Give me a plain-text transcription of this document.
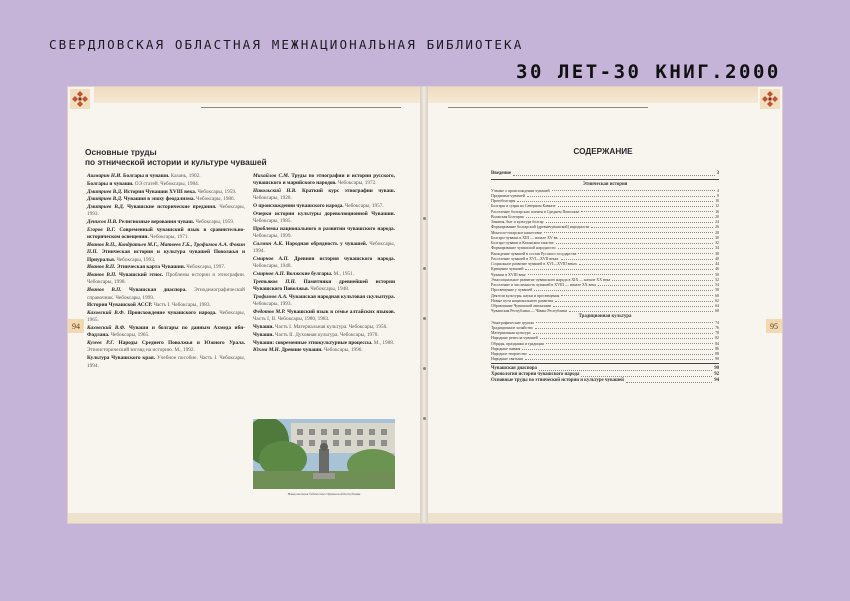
СВЕРДЛОВСКАЯ ОБЛАСТНАЯ МЕЖНАЦИОНАЛЬНАЯ БИБЛИОТЕКА
30 ЛЕТ-30 КНИГ.2000
94
Основные труды
по этнической истории и культуре чувашей

Ашмарин Н.И. Болгары и чуваши. Казань, 1902.

Болгары и чуваши. ОЭ статей. Чебоксары, 1984.

Дмитриев В.Д. История Чувашии XVIII века. Чебоксары, 1959.

Дмитриев В.Д. Чувашия в эпоху феодализма. Чебоксары, 1986.

Дмитриев В.Д. Чувашские исторические предания. Чебоксары, 1993.

Денисов П.В. Религиозные верования чуваш. Чебоксары, 1959.

Егоров В.Г. Современный чувашский язык в сравнительно-историческом освещении. Чебоксары, 1971.

Иванов В.П., Кондратьев М.Г., Матвеев Г.Б., Трофимов А.А. Фокин П.П. Этническая история и культура чувашей Поволжья и Приуралья. Чебоксары, 1993.

Иванов В.П. Этническая карта Чувашии. Чебоксары, 1997.

Иванов В.П. Чувашский этнос. Проблемы истории и этнографии. Чебоксары, 1998.

Иванов В.П. Чувашская диаспора. Этнодемографический справочник. Чебоксары, 1999.

История Чувашской АССР. Часть I. Чебоксары, 1983.

Каховский В.Ф. Происхождение чувашского народа. Чебоксары, 1965.

Каховский В.Ф. Чуваши и болгары по данным Ахмеда ибн-Фадлана. Чебоксары, 1965.

Кузеев Р.Г. Народы Среднего Поволжья и Южного Урала. Этноисторический взгляд на историю. М., 1992.

Культура Чувашского края. Учебное пособие. Часть I. Чебоксары, 1994.

Михайлов С.М. Труды по этнографии и истории русского, чувашского и марийского народов. Чебоксары, 1972.

Никольский Н.В. Краткий курс этнографии чуваш. Чебоксары, 1928.

О происхождении чувашского народа. Чебоксары, 1957.

Очерки истории культуры дореволюционной Чувашии. Чебоксары, 1985.

Проблемы национального в развитии чувашского народа. Чебоксары, 1999.

Салмин А.К. Народная обрядность у чувашей. Чебоксары, 1994.

Смирнов А.П. Древняя история чувашского народа. Чебоксары, 1948.

Смирнов А.П. Волжские булгары. М., 1951.

Третьяков П.Н. Памятники древнейшей истории Чувашского Поволжья. Чебоксары, 1948.

Трофимов А.А. Чувашская народная культовая скульптура. Чебоксары, 1993.

Федотов М.Р. Чувашский язык в семье алтайских языков. Часть I, II. Чебоксары, 1980, 1983.

Чуваши. Часть I. Материальная культура. Чебоксары, 1956.

Чуваши. Часть II. Духовная культура. Чебоксары, 1970.

Чуваши: современные этнокультурные процессы. М., 1988.

Юхма М.Н. Древние чуваши. Чебоксары, 1996.

Национальная библиотека Чувашской Республики
95
СОДЕРЖАНИЕ
Введение	3
Этническая история
Ученые о происхождении чувашей	4
Предковые чувашей	8
Протоболгары	10
Болгары и суары на Северном Кавказе	12
Расселение болгарских племен в Среднем Поволжье	16
Волжская Болгария	20
Занятия, быт и культура болгар	24
Формирование болгарской (древнечувашской) народности	26
Монголо-татарское нашествие	28
Болгаро-чуваши в XIII — начале XV вв.	30
Болгаро-чуваши в Казанском ханстве	32
Формирование чувашской народности	34
Вхождение чувашей в состав Русского государства	38
Расселение чувашей в XVI—XVII веках	40
Социальное развитие чувашей в XVI—XVIII веках	44
Крещение чувашей	46
Чуваши в XVIII веке	50
Этносоциальное развитие чувашского народа в XIX — начале XX века	52
Расселение и численность чувашей в XVIII — начале XX века	54
Просвещение у чувашей	58
Деятели культуры, науки и просвещения	60
Новые пути национального развития	62
Образование Чувашской автономии	64
Чувашская Республика — Чăваш Республики	68
Традиционная культура
Этнографические группы	74
Традиционное хозяйство	76
Материальная культура	78
Народные ремесла чувашей	82
Обряды, праздники и традиции	84
Народные знания	86
Народное творчество	88
Народные святыни	90
Чувашская диаспора	90
Хронология истории чувашского народа	92
Основные труды по этнической истории и культуре чувашей	94
